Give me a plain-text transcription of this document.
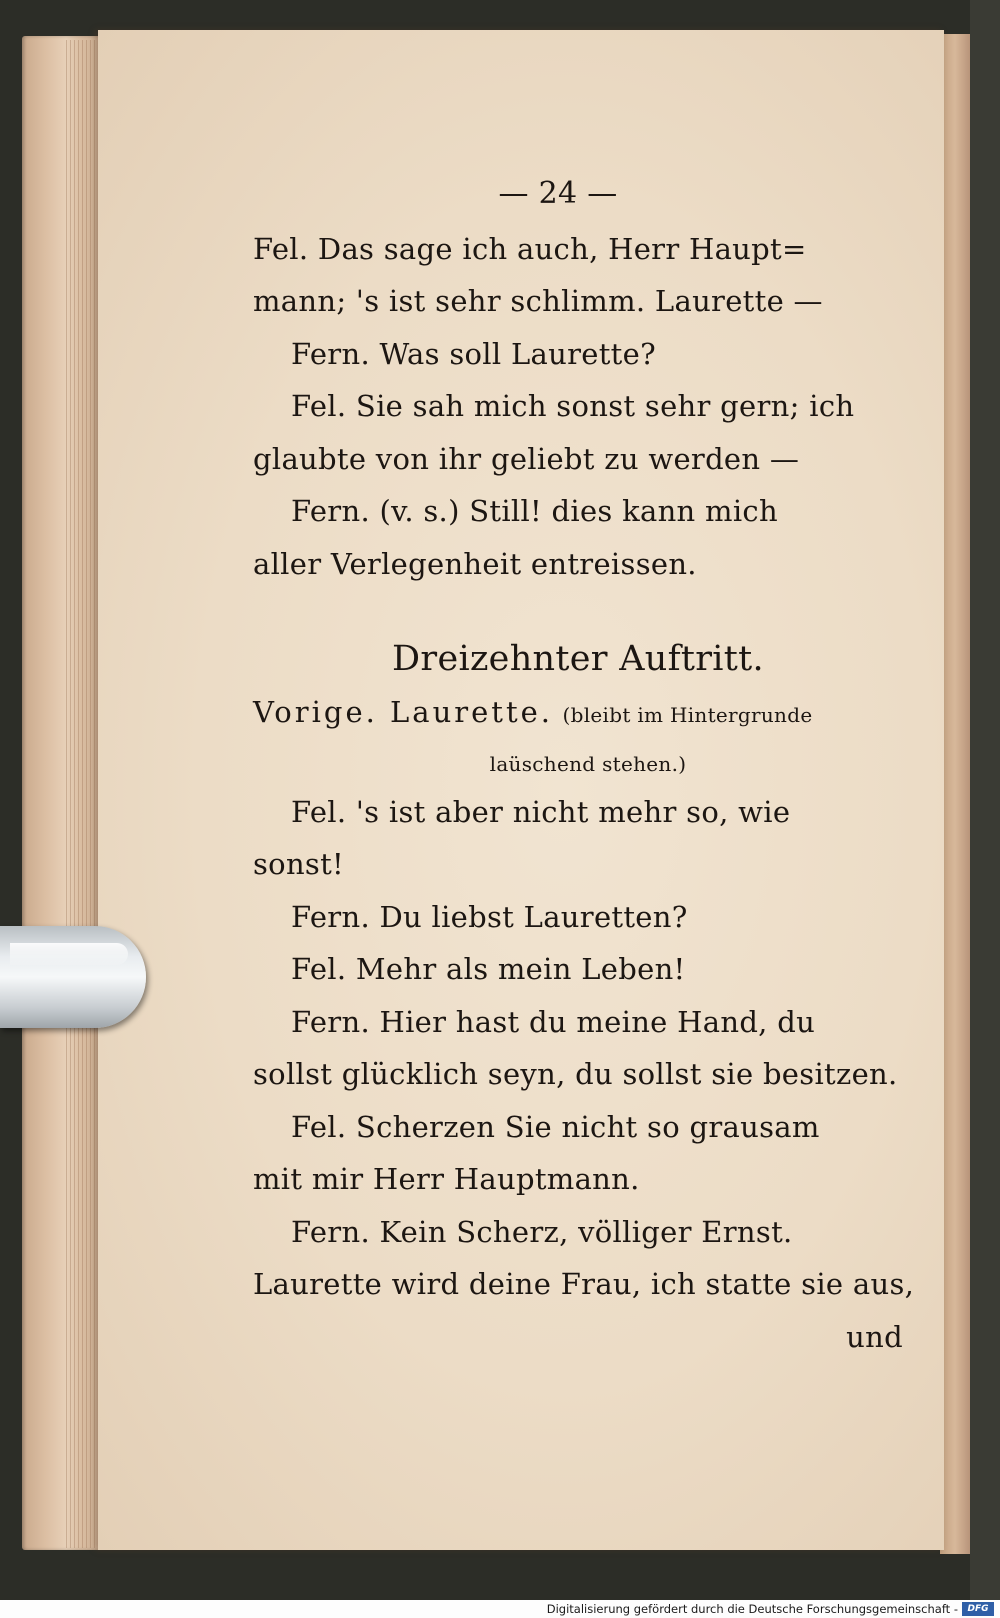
— 24 —
Fel. Das sage ich auch, Herr Haupt=
mann; 's ist sehr schlimm. Laurette —
Fern. Was soll Laurette?
Fel. Sie sah mich sonst sehr gern; ich
glaubte von ihr geliebt zu werden —
Fern. (v. s.) Still! dies kann mich
aller Verlegenheit entreissen.
Dreizehnter Auftritt.
Vorige. Laurette. (bleibt im Hintergrunde
laüschend stehen.)
Fel. 's ist aber nicht mehr so, wie
sonst!
Fern. Du liebst Lauretten?
Fel. Mehr als mein Leben!
Fern. Hier hast du meine Hand, du
sollst glücklich seyn, du sollst sie besitzen.
Fel. Scherzen Sie nicht so grausam
mit mir Herr Hauptmann.
Fern. Kein Scherz, völliger Ernst.
Laurette wird deine Frau, ich statte sie aus,
und
Digitalisierung gefördert durch die Deutsche Forschungsgemeinschaft -	DFG
